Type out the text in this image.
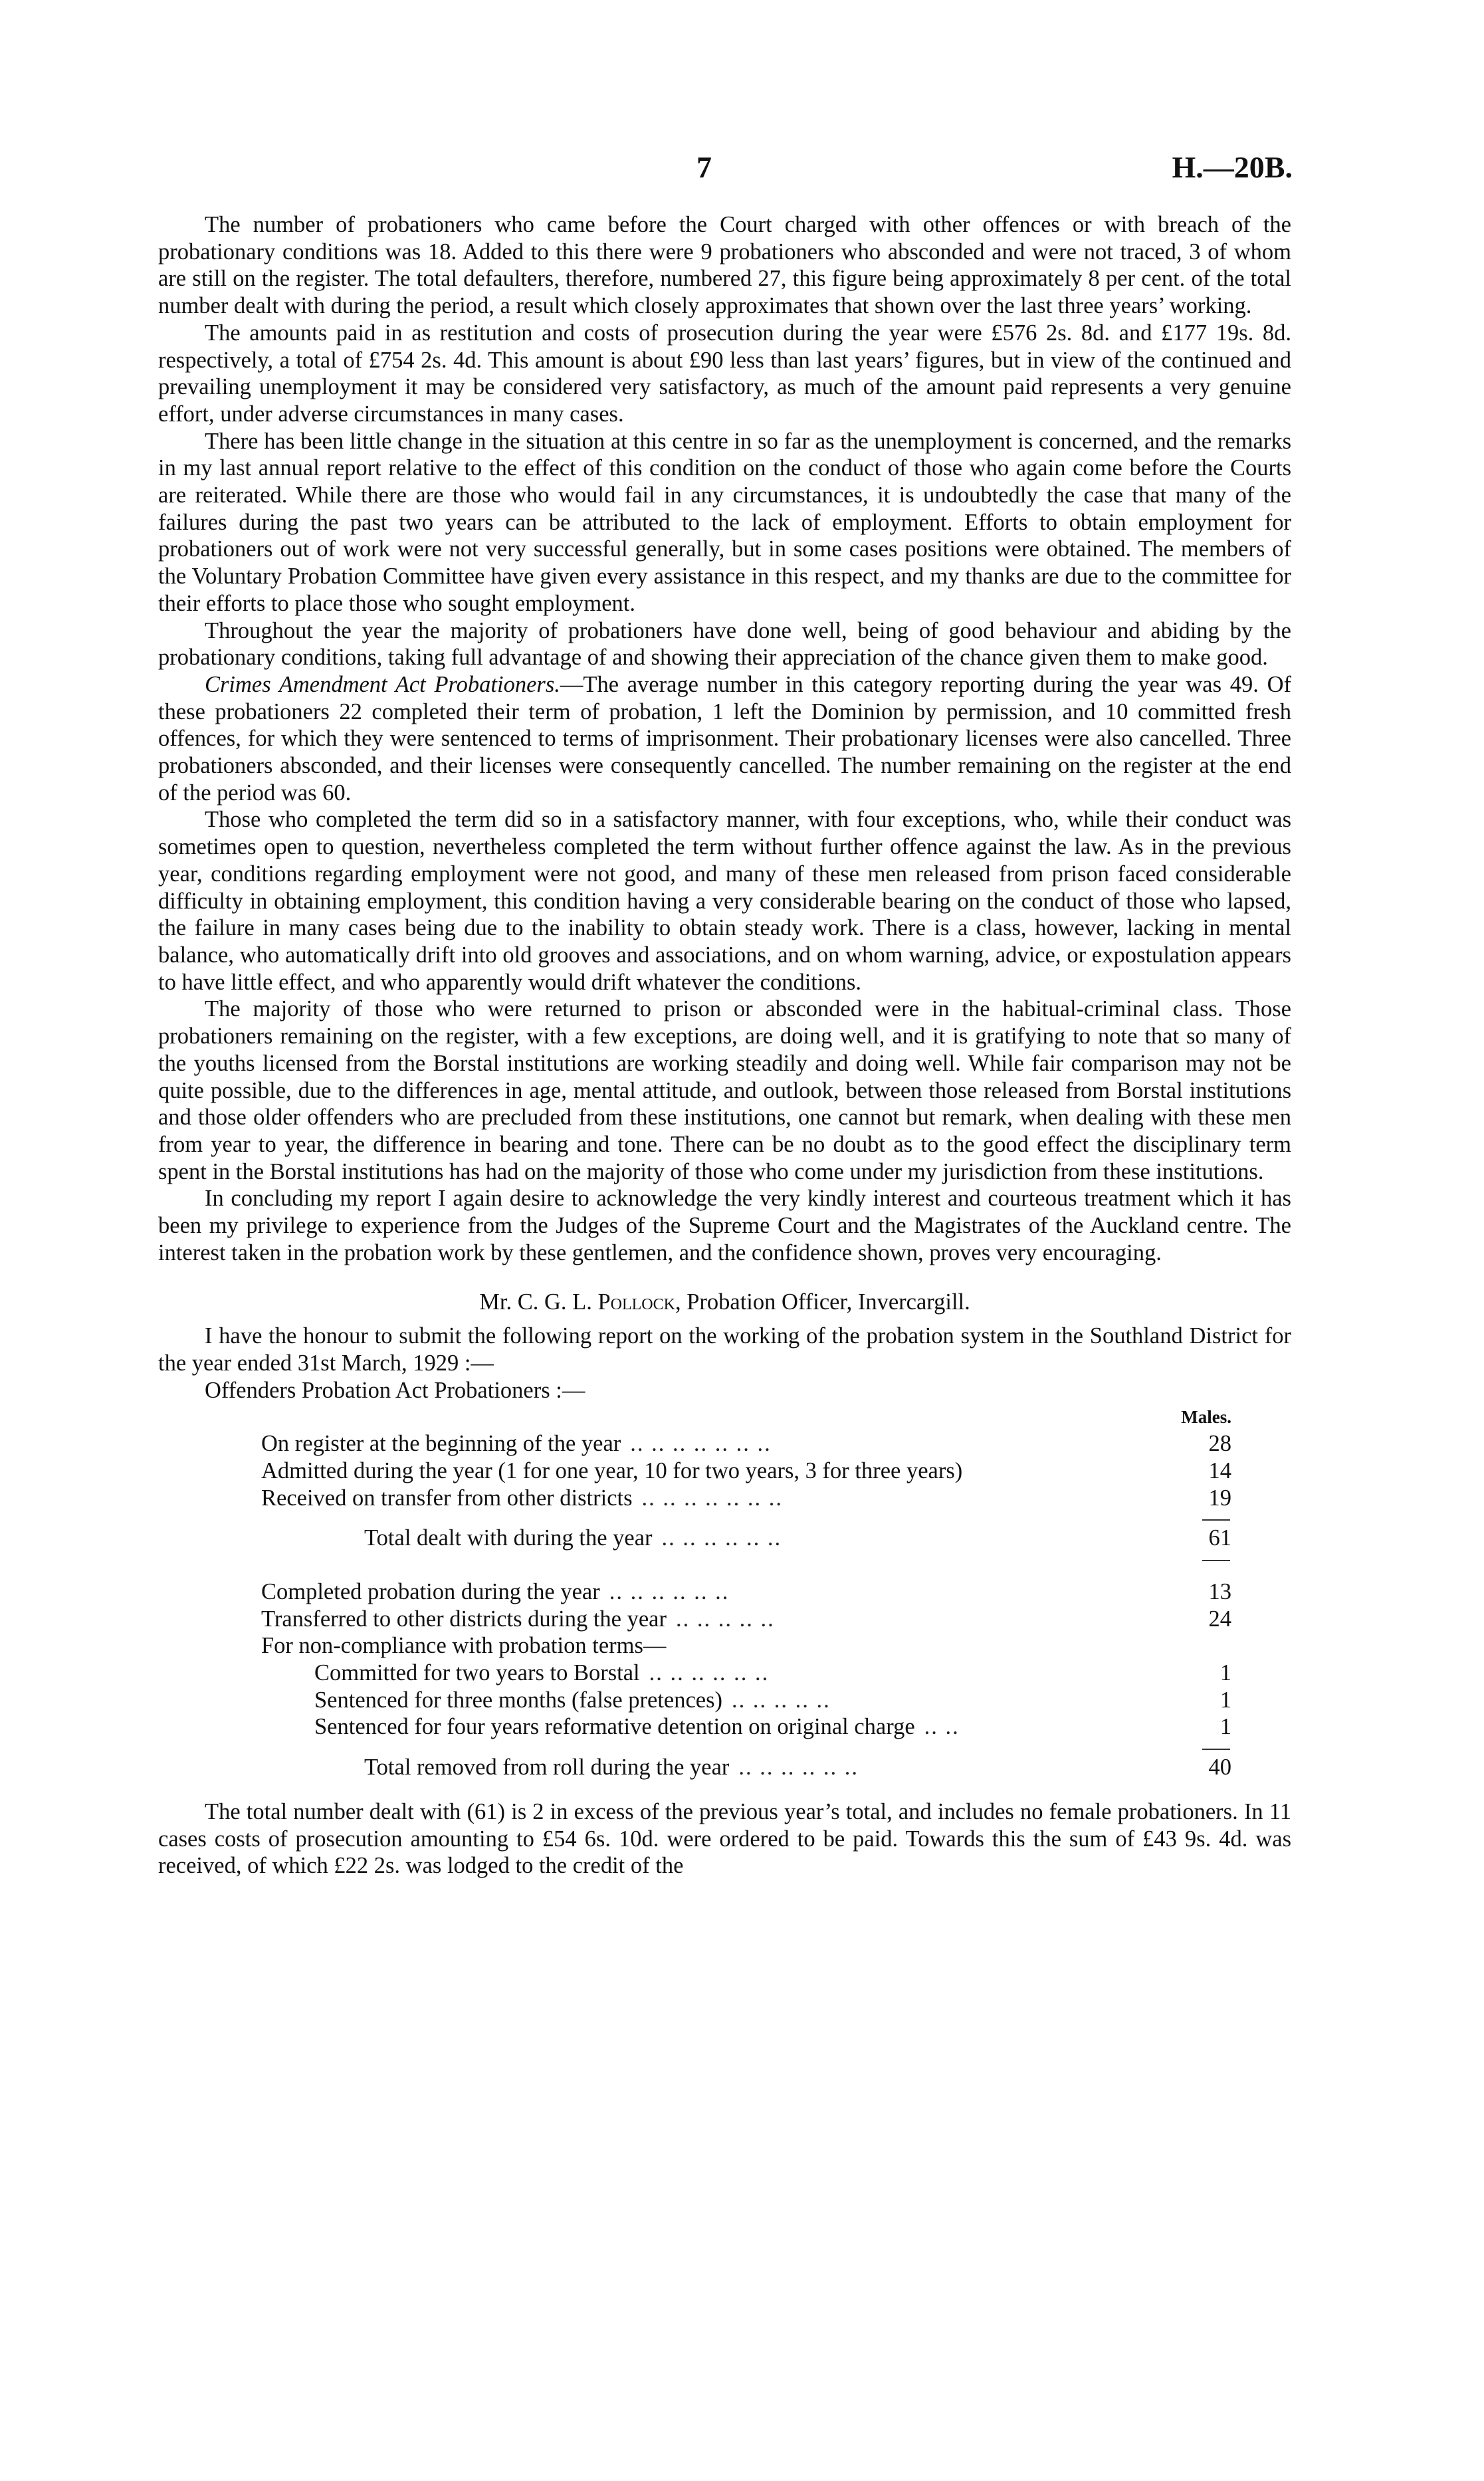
7	H.—20B.

The number of probationers who came before the Court charged with other offences or with breach of the probationary conditions was 18. Added to this there were 9 probationers who absconded and were not traced, 3 of whom are still on the register. The total defaulters, therefore, numbered 27, this figure being approximately 8 per cent. of the total number dealt with during the period, a result which closely approximates that shown over the last three years’ working.

The amounts paid in as restitution and costs of prosecution during the year were £576 2s. 8d. and £177 19s. 8d. respectively, a total of £754 2s. 4d. This amount is about £90 less than last years’ figures, but in view of the continued and prevailing unemployment it may be considered very satisfactory, as much of the amount paid represents a very genuine effort, under adverse circumstances in many cases.

There has been little change in the situation at this centre in so far as the unemployment is concerned, and the remarks in my last annual report relative to the effect of this condition on the conduct of those who again come before the Courts are reiterated. While there are those who would fail in any circumstances, it is undoubtedly the case that many of the failures during the past two years can be attributed to the lack of employment. Efforts to obtain employment for probationers out of work were not very successful generally, but in some cases positions were obtained. The members of the Voluntary Probation Committee have given every assistance in this respect, and my thanks are due to the committee for their efforts to place those who sought employment.

Throughout the year the majority of probationers have done well, being of good behaviour and abiding by the probationary conditions, taking full advantage of and showing their appreciation of the chance given them to make good.

Crimes Amendment Act Probationers.—The average number in this category reporting during the year was 49. Of these probationers 22 completed their term of probation, 1 left the Dominion by permission, and 10 committed fresh offences, for which they were sentenced to terms of imprisonment. Their probationary licenses were also cancelled. Three probationers absconded, and their licenses were consequently cancelled. The number remaining on the register at the end of the period was 60.

Those who completed the term did so in a satisfactory manner, with four exceptions, who, while their conduct was sometimes open to question, nevertheless completed the term without further offence against the law. As in the previous year, conditions regarding employment were not good, and many of these men released from prison faced considerable difficulty in obtaining employment, this condition having a very considerable bearing on the conduct of those who lapsed, the failure in many cases being due to the inability to obtain steady work. There is a class, however, lacking in mental balance, who automatically drift into old grooves and associations, and on whom warning, advice, or expostulation appears to have little effect, and who apparently would drift whatever the conditions.

The majority of those who were returned to prison or absconded were in the habitual-criminal class. Those probationers remaining on the register, with a few exceptions, are doing well, and it is gratifying to note that so many of the youths licensed from the Borstal institutions are working steadily and doing well. While fair comparison may not be quite possible, due to the differences in age, mental attitude, and outlook, between those released from Borstal institutions and those older offenders who are precluded from these institutions, one cannot but remark, when dealing with these men from year to year, the difference in bearing and tone. There can be no doubt as to the good effect the disciplinary term spent in the Borstal institutions has had on the majority of those who come under my jurisdiction from these institutions.

In concluding my report I again desire to acknowledge the very kindly interest and courteous treatment which it has been my privilege to experience from the Judges of the Supreme Court and the Magistrates of the Auckland centre. The interest taken in the probation work by these gentlemen, and the confidence shown, proves very encouraging.

Mr. C. G. L. Pollock, Probation Officer, Invercargill.

I have the honour to submit the following report on the working of the probation system in the Southland District for the year ended 31st March, 1929 :—

Offenders Probation Act Probationers :—

Males.
On register at the beginning of the year .. .. .. .. .. .. ..	28
Admitted during the year (1 for one year, 10 for two years, 3 for three years)	14
Received on transfer from other districts .. .. .. .. .. .. ..	19
Total dealt with during the year .. .. .. .. .. ..	61
Completed probation during the year .. .. .. .. .. ..	13
Transferred to other districts during the year .. .. .. .. ..	24
For non-compliance with probation terms—
Committed for two years to Borstal .. .. .. .. .. ..	1
Sentenced for three months (false pretences) .. .. .. .. ..	1
Sentenced for four years reformative detention on original charge .. ..	1
Total removed from roll during the year .. .. .. .. .. ..	40

The total number dealt with (61) is 2 in excess of the previous year’s total, and includes no female probationers. In 11 cases costs of prosecution amounting to £54 6s. 10d. were ordered to be paid. Towards this the sum of £43 9s. 4d. was received, of which £22 2s. was lodged to the credit of the
